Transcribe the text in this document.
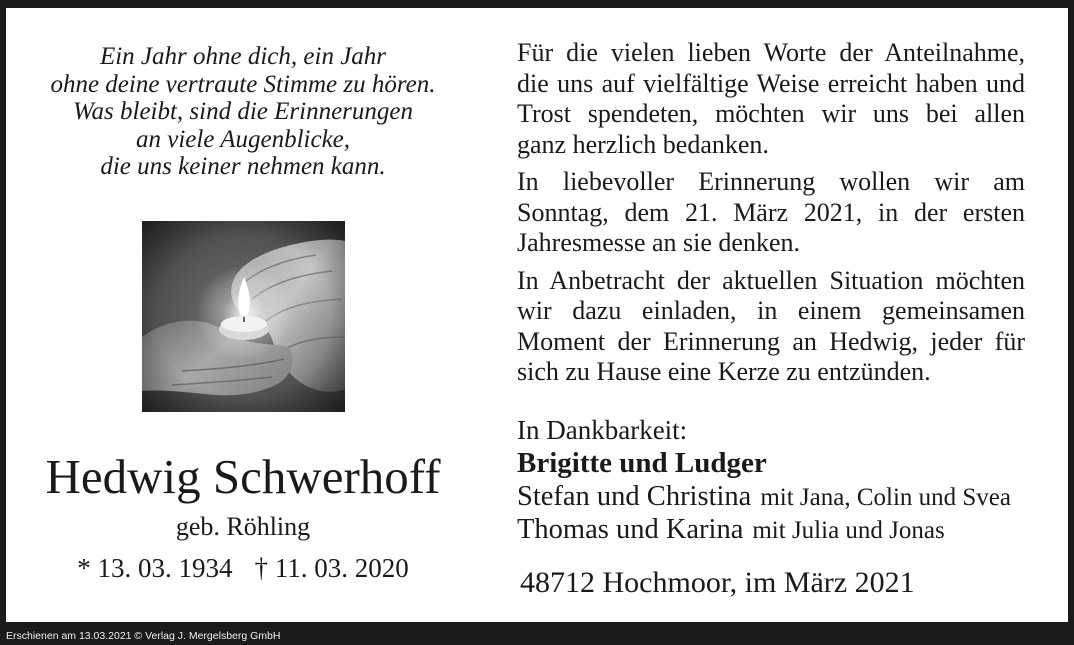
Ein Jahr ohne dich, ein Jahr
ohne deine vertraute Stimme zu hören.
Was bleibt, sind die Erinnerungen
an viele Augenblicke,
die uns keiner nehmen kann.
Hedwig Schwerhoff
geb. Röhling
* 13. 03. 1934 † 11. 03. 2020
Für die vielen lieben Worte der Anteilnahme,
die uns auf vielfältige Weise erreicht haben und
Trost spendeten, möchten wir uns bei allen
ganz herzlich bedanken.
In liebevoller Erinnerung wollen wir am
Sonntag, dem 21. März 2021, in der ersten
Jahresmesse an sie denken.
In Anbetracht der aktuellen Situation möchten
wir dazu einladen, in einem gemeinsamen
Moment der Erinnerung an Hedwig, jeder für
sich zu Hause eine Kerze zu entzünden.
In Dankbarkeit:
Brigitte und Ludger
Stefan und Christina mit Jana, Colin und Svea
Thomas und Karina mit Julia und Jonas
48712 Hochmoor, im März 2021
Erschienen am 13.03.2021 © Verlag J. Mergelsberg GmbH
